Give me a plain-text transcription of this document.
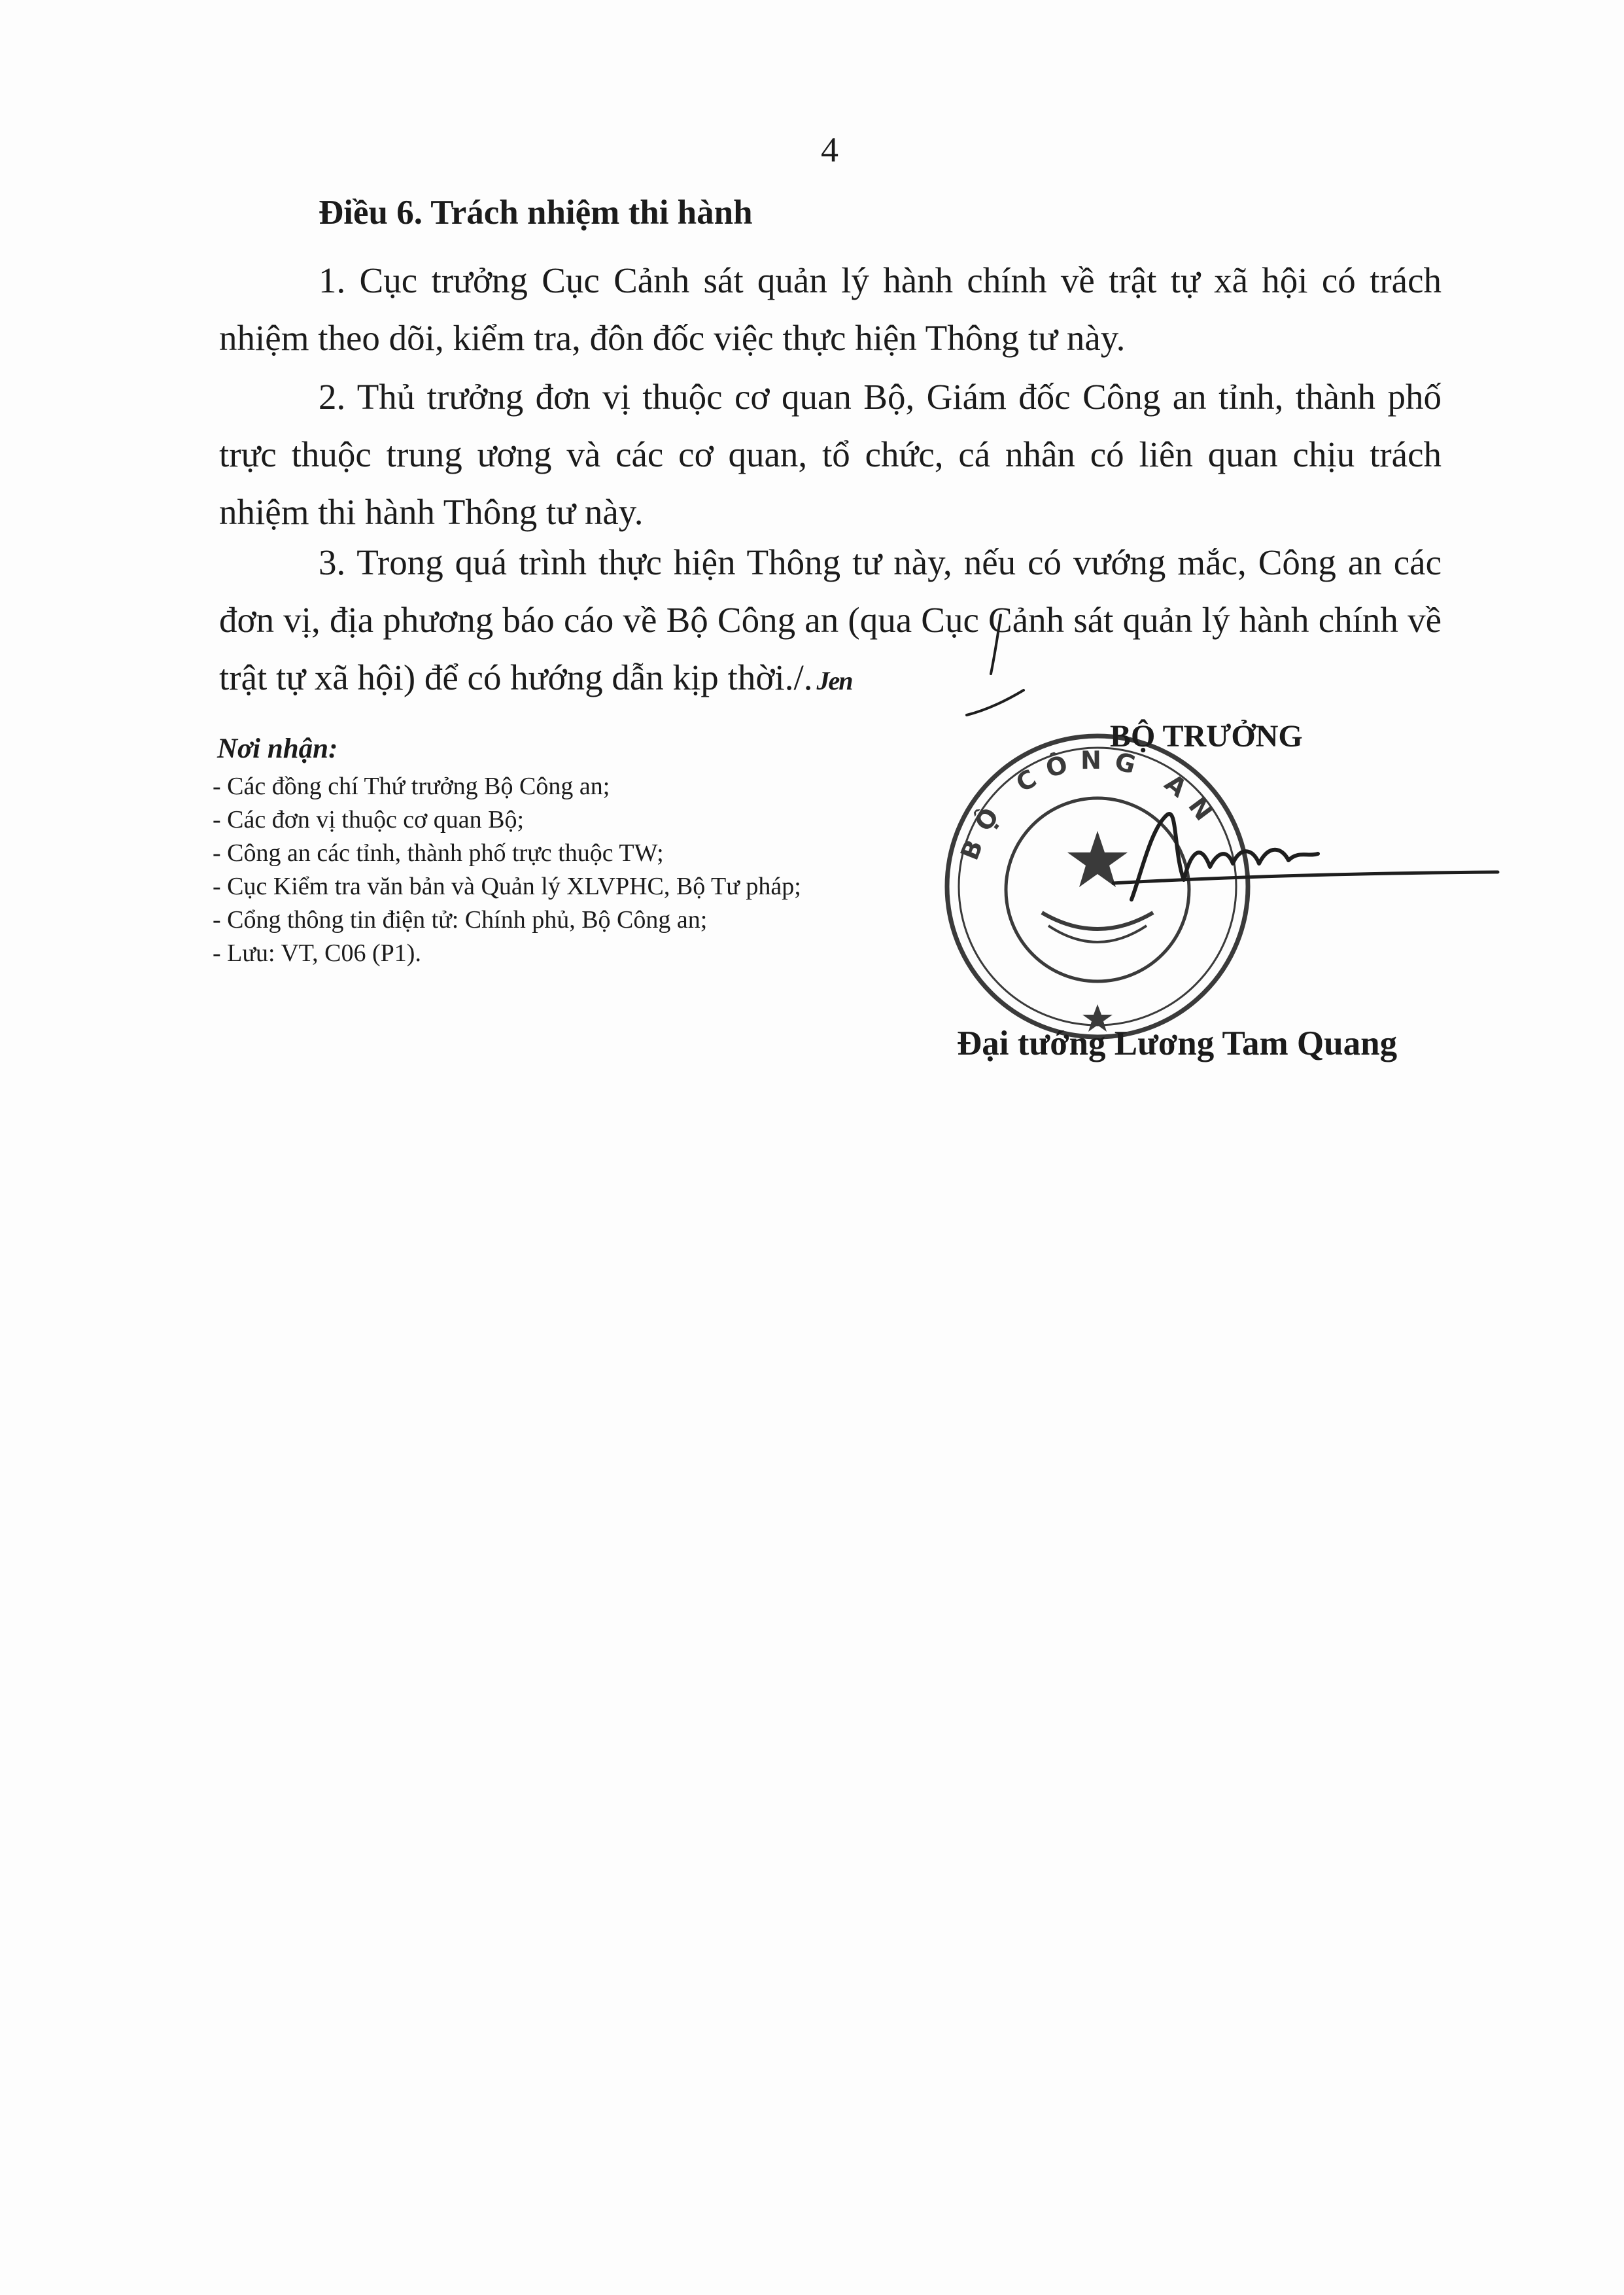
4
Điều 6. Trách nhiệm thi hành

1. Cục trưởng Cục Cảnh sát quản lý hành chính về trật tự xã hội có trách nhiệm theo dõi, kiểm tra, đôn đốc việc thực hiện Thông tư này.

2. Thủ trưởng đơn vị thuộc cơ quan Bộ, Giám đốc Công an tỉnh, thành phố trực thuộc trung ương và các cơ quan, tổ chức, cá nhân có liên quan chịu trách nhiệm thi hành Thông tư này.

3. Trong quá trình thực hiện Thông tư này, nếu có vướng mắc, Công an các đơn vị, địa phương báo cáo về Bộ Công an (qua Cục Cảnh sát quản lý hành chính về trật tự xã hội) để có hướng dẫn kịp thời./. Jen

Nơi nhận:
- Các đồng chí Thứ trưởng Bộ Công an;
- Các đơn vị thuộc cơ quan Bộ;
- Công an các tỉnh, thành phố trực thuộc TW;
- Cục Kiểm tra văn bản và Quản lý XLVPHC, Bộ Tư pháp;
- Cổng thông tin điện tử: Chính phủ, Bộ Công an;
- Lưu: VT, C06 (P1).
BỘ CÔNG AN
BỘ TRƯỞNG
Đại tướng Lương Tam Quang
